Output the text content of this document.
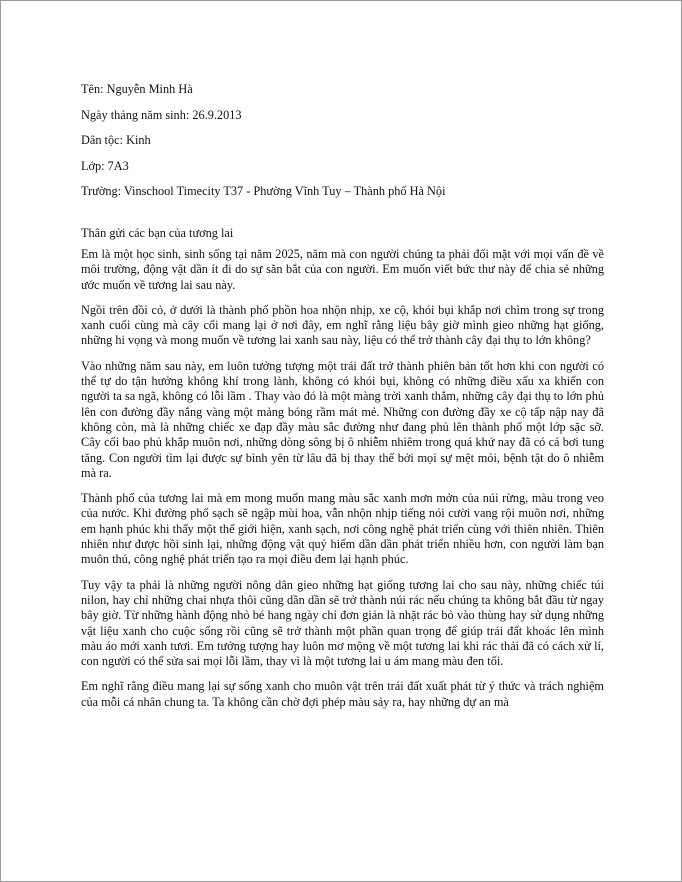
Tên: Nguyễn Minh Hà

Ngày tháng năm sinh: 26.9.2013

Dân tộc: Kinh

Lớp: 7A3

Trường: Vinschool Timecity T37 - Phường Vĩnh Tuy – Thành phố Hà Nội

Thân gửi các bạn của tương lai

Em là một học sinh, sinh sống tại năm 2025, năm mà con người chúng ta phải đối mặt với mọi vấn đề về môi trường, động vật dần ít đi do sự săn bắt của con người. Em muốn viết bức thư này để chia sẻ những ước muốn về tương lai sau này.

Ngồi trên đồi cỏ, ở dưới là thành phố phồn hoa nhộn nhịp, xe cộ, khói bụi khắp nơi chìm trong sự trong xanh cuối cùng mà cây cối mang lại ở nơi đây, em nghĩ rằng liệu bây giờ mình gieo những hạt giống, những hi vọng và mong muốn về tương lai xanh sau này, liệu có thể trở thành cây đại thụ to lớn không?

Vào những năm sau này, em luôn tưởng tượng một trái đất trở thành phiên bản tốt hơn khi con người có thể tự do tận hưởng không khí trong lành, không có khói bụi, không có những điều xấu xa khiến con người ta sa ngã, không có lỗi lầm . Thay vào đó là một màng trời xanh thẳm, những cây đại thụ to lớn phủ lên con đường đầy nắng vàng một mảng bóng rầm mát mẻ. Những con đường đầy xe cộ tấp nập nay đã không còn, mà là những chiếc xe đạp đầy màu sắc đường như đang phủ lên thành phố một lớp sặc sỡ. Cây cối bao phủ khắp muôn nơi, những dòng sông bị ô nhiễm nhiêm trong quá khứ nay đã có cá bơi tung tăng. Con người tìm lại được sự bình yên từ lâu đã bị thay thế bởi mọi sự mệt mỏi, bệnh tật do ô nhiễm mà ra.

Thành phố của tương lai mà em mong muốn mang màu sắc xanh mơn mởn của núi rừng, màu trong veo của nước. Khi đường phố sạch sẽ ngập mùi hoa, vẫn nhộn nhịp tiếng nói cười vang rội muôn nơi, những em hạnh phúc khi thấy một thế giới hiện, xanh sạch, nơi công nghệ phát triển cùng với thiên nhiên. Thiên nhiên như được hồi sinh lại, những động vật quý hiếm dần dần phát triển nhiều hơn, con người làm bạn muôn thú, công nghệ phát triển tạo ra mọi điều đem lại hạnh phúc.

Tuy vậy ta phải là những người nông dân gieo những hạt giống tương lai cho sau này, những chiếc túi nilon, hay chỉ những chai nhựa thôi cũng dần dần sẽ trở thành núi rác nếu chúng ta không bắt đầu từ ngay bây giờ. Từ những hành động nhỏ bé hang ngày chỉ đơn giản là nhặt rác bỏ vào thùng hay sử dụng những vật liệu xanh cho cuộc sống rồi cũng sẽ trở thành một phần quan trọng để giúp trái đất khoác lên mình màu áo mới xanh tươi. Em tưởng tượng hay luôn mơ mộng về một tương lai khi rác thải đã có cách xử lí, con người có thể sửa sai mọi lỗi lầm, thay vì là một tương lai u ám mang màu đen tối.

Em nghĩ rằng điều mang lại sự sống xanh cho muôn vật trên trái đất xuất phát từ ý thức và trách nghiệm của mỗi cá nhân chung ta. Ta không cần chờ đợi phép màu sảy ra, hay những dự an mà
